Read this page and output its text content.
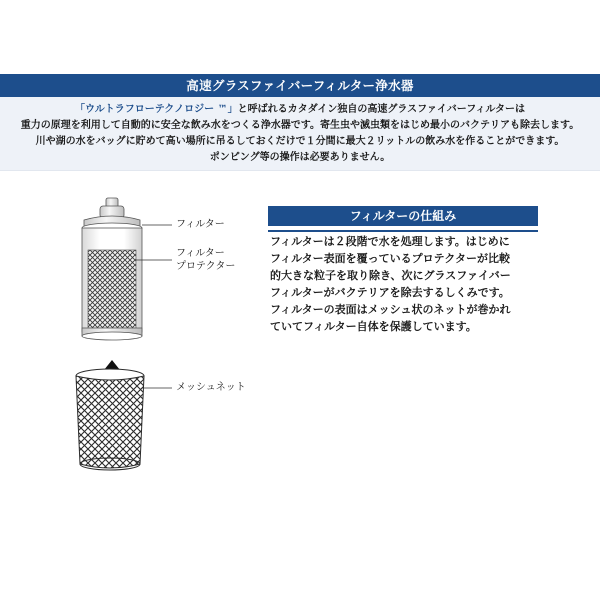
高速グラスファイバーフィルター浄水器
「ウルトラフローテクノロジー ™」と呼ばれるカタダイン独自の高速グラスファイバーフィルターは
重力の原理を利用して自動的に安全な飲み水をつくる浄水器です。寄生虫や滅虫類をはじめ最小のバクテリアも除去します。
川や湖の水をバッグに貯めて高い場所に吊るしておくだけで１分間に最大２リットルの飲み水を作ることができます。
ポンピング等の操作は必要ありません。
フィルター
フィルター
プロテクター
メッシュネット
フィルターの仕組み
フィルターは２段階で水を処理します。はじめに
フィルター表面を覆っているプロテクターが比較
的大きな粒子を取り除き、次にグラスファイバー
フィルターがバクテリアを除去するしくみです。
フィルターの表面はメッシュ状のネットが巻かれ
ていてフィルター自体を保護しています。
